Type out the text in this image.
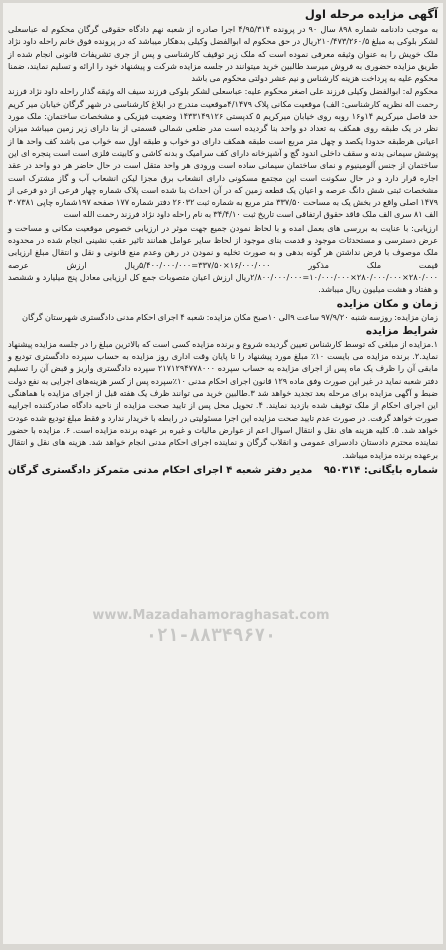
آگهی مزایده مرحله اول

به موجب دادنامه شماره ۸۹۸ سال ۹۰ در پرونده ۴/۹۵/۳۱۴ اجرا صادره از شعبه نهم دادگاه حقوقی گرگان محکوم له عباسعلی لشکر بلوکی به مبلغ ۲۱۰/۴۷۳/۲۶۰/۵ریال در حق محکوم له ابوالفضل وکیلی بدهکار میباشد که در پرونده فوق خانم راحله داود نژاد ملک خویش را به عنوان وثیقه معرفی نموده است که ملک زیر توقیف کارشناسی و پس از جری تشریفات قانونی انجام شده از طریق مزایده حضوری به فروش میرسد طالبین خرید میتوانند در جلسه مزایده شرکت و پیشنهاد خود را ارائه و تسلیم نمایند، ضمنا محکوم علیه به پرداخت هزینه کارشناس و نیم عشر دولتی محکوم می باشد

محکوم له: ابوالفضل وکیلی فرزند علی اصغر محکوم علیه: عباسعلی لشکر بلوکی فرزند سیف اله وثیقه گذار راحله داود نژاد فرزند رحمت اله نظریه کارشناسی: الف) موقعیت مکانی پلاک ۴/۱۴۷۹موقعیت مندرج در ابلاغ کارشناسی در شهر گرگان خیابان میر کریم حد فاصل میرکریم ۱۴و۱۶ روبه روی خیابان میرکریم ۵ کدپستی ۱۴۳۳۱۴۹۱۲۶ وضعیت فیزیکی و مشخصات ساختمان: ملک مورد نظر در یک طبقه روی همکف به تعداد دو واحد بنا گردیده است مدر ضلعی شمالی قسمتی از بنا دارای زیر زمین میباشد میزان اعیانی هرطبقه حدودا یکصد و چهل متر مربع است طبقه همکف دارای دو خواب و طبقه اول سه خواب می باشد کف واحد ها از پوشش سیمانی بدنه و سقف داخلی اندود گچ و آشپزخانه دارای کف سرامیک و بدنه کاشی و کابینت فلزی است است پنجره ای این ساختمان از جنس آلومینیوم و نمای ساختمان سیمانی ساده است ورودی هر واحد متقل است در حال حاضر هر دو واحد در عقد اجاره قرار دارد و در حال سکونت است این مجتمع مسکونی دارای انشعاب برق مجزا لیکن انشعاب آب و گاز مشترک است مشخصات ثبتی شش دانگ عرصه و اعیان یک قطعه زمین که در آن احداث بنا شده است پلاک شماره چهار فرعی از دو فرعی از ۱۴۷۹ اصلی واقع در بخش یک به مساحت ۳۳۷/۵۰ متر مربع به شماره ثبت ۲۶۰۳۲ دفتر شماره ۱۷۷ صفحه ۱۹۷شماره چاپی ۳۰۷۳۸۱ الف ۸۱ سری الف ملک فاقد حقوق ارتفاقی است تاریخ ثبت ۳۴/۴/۱۰ به نام راحله داود نژاد فرزند رحمت الله است

ارزیابی: با عنایت به بررسی های بعمل امده و با لحاظ نمودن جمیع جهت موثر در ارزیابی خصوص موقعیت مکانی و مساحت و عرض دسترسی و مستحدثات موجود و قدمت بنای موجود از لحاظ سایر عوامل همانند تاثیر عقب نشینی انجام شده در محدوده ملک موصوف با فرض نداشتن هر گونه بدهی و به صورت تخلیه و نمودن در رهن وعدم منع قانونی و نقل و انتقال مبلغ ارزیابی قیمت ملک مذکور ۱۶/۰۰۰/۰۰۰×۳۳۷/۵۰=۵/۴۰۰/۰۰۰/۰۰۰ریال ارزش عرصه ۲۸۰/۰۰۰×۲۸۰/۰۰۰/۰۰۰×۱۰/۰۰۰/۰۰۰=۲/۸۰۰/۰۰۰/۰۰۰ریال ارزش اعیان متصوبات جمع کل ارزیابی معادل پنج میلیارد و ششصد و هفتاد و هشت میلیون ریال میباشد.

زمان و مکان مزایده

زمان مزایده: روزسه شنبه ۹۷/۹/۲۰ ساعت ۹الی ۱۰صبح مکان مزایده: شعبه ۴ اجرای احکام مدنی دادگستری شهرستان گرگان

شرایط مزایده

۱.مزایده از مبلغی که توسط کارشناس تعیین گردیده شروع و برنده مزایده کسی است که بالاترین مبلغ را در جلسه مزایده پیشنهاد نماید.۲. برنده مزایده می بایست ۱۰٪ مبلغ مورد پیشنهاد را تا پایان وقت اداری روز مزایده به حساب سپرده دادگستری تودیع و مابقی آن را ظرف یک ماه پس از اجرای مزایده به حساب سپرده ۲۱۷۱۲۹۴۷۷۸۰۰۰ سپرده دادگستری واریز و قبض آن را تسلیم دفتر شعبه نماید در غیر این صورت وفق ماده ۱۲۹ قانون اجرای احکام مدنی ۱۰٪سپرده پس از کسر هزینه‌های اجرایی به نفع دولت ضبط و آگهی مزایده برای مرحله بعد تجدید خواهد شد ۳.طالبین خرید می توانند ظرف یک هفته قبل از اجرای مزایده با هماهنگی این اجرای احکام از ملک توقیف شده بازدید نمایند. ۴. تحویل محل پس از تایید صحت مزایده از ناحیه دادگاه صادرکننده اجراییه صورت خواهد گرفت. در صورت عدم تایید صحت مزایده این اجرا مسئولیتی در رابطه با خریدار ندارد و فقط مبلغ تودیع شده عودت خواهد شد. ۵. کلیه هزینه های نقل و انتقال اسوال اعم از عوارض مالیات و غیره بر عهده برنده مزایده است. ۶. مزایده با حضور نماینده محترم دادستان دادسرای عمومی و انقلاب گرگان و نماینده اجرای احکام مدنی انجام خواهد شد. هزینه های نقل و انتقال برعهده برنده مزایده میباشد.

شماره بایگانی: ۹۵۰۳۱۴
مدیر دفتر شعبه ۴ اجرای احکام مدنی متمرکز دادگستری گرگان
www.Mazadahamoraghasat.com
۰۲۱-۸۸۳۴۹۶۷۰
